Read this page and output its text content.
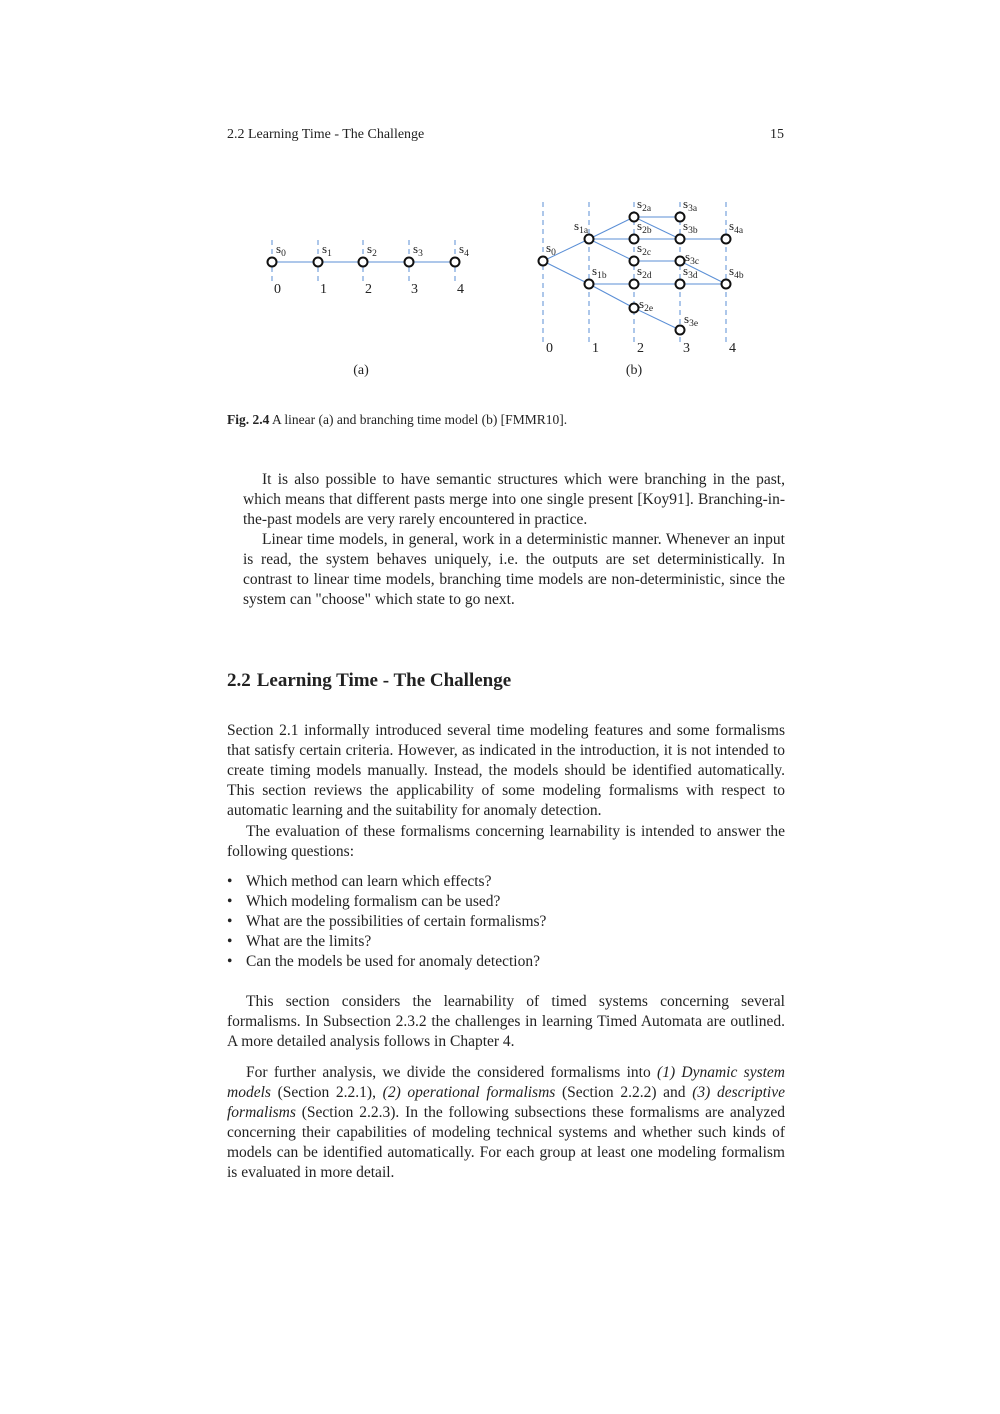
2.2 Learning Time - The Challenge	15
$s_0$
0
$s_1$
1
$s_2$
2
$s_3$
3
$s_4$
4
(a)
$s_0$
$s_{1a}$
$s_{1b}$
$s_{2a}$
$s_{2b}$
$s_{2c}$
$s_{2d}$
$s_{2e}$
$s_{3a}$
$s_{3b}$
$s_{3c}$
$s_{3d}$
$s_{3e}$
$s_{4a}$
$s_{4b}$
0	1	2	3	4
(b)
Fig. 2.4 A linear (a) and branching time model (b) [FMMR10].
It is also possible to have semantic structures which were branching in the past, which means that different pasts merge into one single present [Koy91]. Branching-in-the-past models are very rarely encountered in practice.
Linear time models, in general, work in a deterministic manner. Whenever an input is read, the system behaves uniquely, i.e. the outputs are set deterministically. In contrast to linear time models, branching time models are non-deterministic, since the system can "choose" which state to go next.
2.2 Learning Time - The Challenge
Section 2.1 informally introduced several time modeling features and some formalisms that satisfy certain criteria. However, as indicated in the introduction, it is not intended to create timing models manually. Instead, the models should be identified automatically. This section reviews the applicability of some modeling formalisms with respect to automatic learning and the suitability for anomaly detection.
The evaluation of these formalisms concerning learnability is intended to answer the following questions:
• Which method can learn which effects?
• Which modeling formalism can be used?
• What are the possibilities of certain formalisms?
• What are the limits?
• Can the models be used for anomaly detection?
This section considers the learnability of timed systems concerning several formalisms. In Subsection 2.3.2 the challenges in learning Timed Automata are outlined. A more detailed analysis follows in Chapter 4.
For further analysis, we divide the considered formalisms into (1) Dynamic system models (Section 2.2.1), (2) operational formalisms (Section 2.2.2) and (3) descriptive formalisms (Section 2.2.3). In the following subsections these formalisms are analyzed concerning their capabilities of modeling technical systems and whether such kinds of models can be identified automatically. For each group at least one modeling formalism is evaluated in more detail.
